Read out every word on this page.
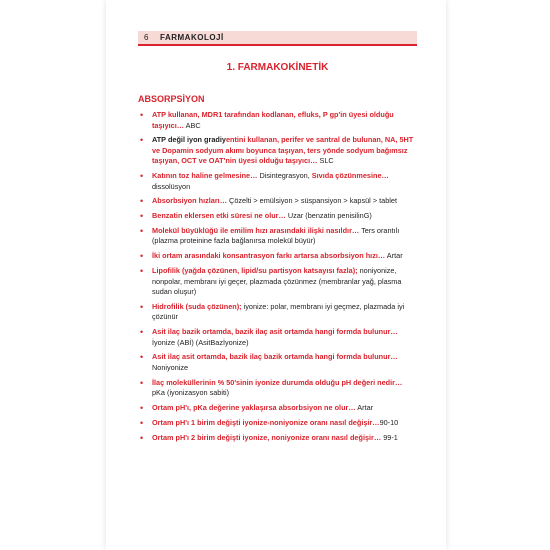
6 FARMAKOLOJİ
1. FARMAKOKİNETİK
ABSORPSİYON
• ATP kullanan, MDR1 tarafından kodlanan, efluks, P gp'in üyesi olduğu taşıyıcı… ABC
• ATP değil iyon gradiyentini kullanan, perifer ve santral de bulunan, NA, 5HT ve Dopamin sodyum akımı boyunca taşıyan, ters yönde sodyum bağımsız taşıyan, OCT ve OAT'nin üyesi olduğu taşıyıcı… SLC
• Katının toz haline gelmesine… Disintegrasyon, Sıvıda çözünmesine… dissolüsyon
• Absorbsiyon hızları… Çözelti > emülsiyon > süspansiyon > kapsül > tablet
• Benzatin eklersen etki süresi ne olur… Uzar (benzatin penisilinG)
• Molekül büyüklüğü ile emilim hızı arasındaki ilişki nasıldır… Ters orantılı (plazma proteinine fazla bağlanırsa molekül büyür)
• İki ortam arasındaki konsantrasyon farkı artarsa absorbsiyon hızı… Artar
• Lipofilik (yağda çözünen, lipid/su partisyon katsayısı fazla); noniyonize, nonpolar, membranı iyi geçer, plazmada çözünmez (membranlar yağ, plasma sudan oluşur)
• Hidrofilik (suda çözünen); iyonize: polar, membranı iyi geçmez, plazmada iyi çözünür
• Asit ilaç bazik ortamda, bazik ilaç asit ortamda hangi formda bulunur… İyonize (ABİ) (AsitBazİyonize)
• Asit ilaç asit ortamda, bazik ilaç bazik ortamda hangi formda bulunur… Noniyonize
• İlaç moleküllerinin % 50'sinin iyonize durumda olduğu pH değeri nedir… pKa (iyonizasyon sabiti)
• Ortam pH'ı, pKa değerine yaklaşırsa absorbsiyon ne olur… Artar
• Ortam pH'ı 1 birim değişti iyonize-noniyonize oranı nasıl değişir…90-10
• Ortam pH'ı 2 birim değişti iyonize, noniyonize oranı nasıl değişir… 99-1
